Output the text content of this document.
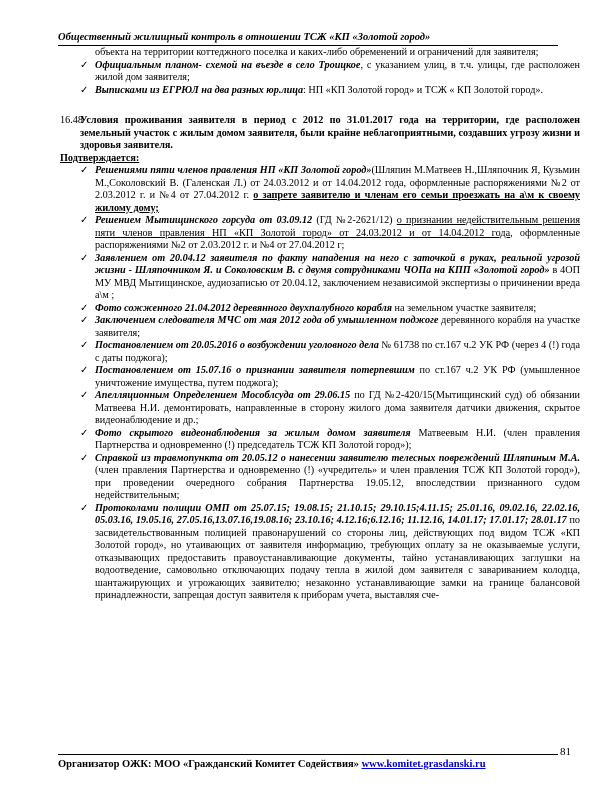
Общественный жилищный контроль в отношении ТСЖ «КП «Золотой город»

объекта на территории коттеджного поселка и каких-либо обременений и ограничений для заявителя;

✓ Официальным планом- схемой на въезде в село Троицкое, с указанием улиц, в т.ч. улицы, где расположен жилой дом заявителя;
✓ Выписками из ЕГРЮЛ на два разных юр.лица: НП «КП Золотой город» и ТСЖ « КП Золотой город».
16.48
Условия проживания заявителя в период с 2012 по 31.01.2017 года на территории, где расположен земельный участок с жилым домом заявителя, были крайне неблагоприятными, создавших угрозу жизни и здоровья заявителя.

Подтверждается:

✓ Решениями пяти членов правления НП «КП Золотой город»(Шляпин М.Матвеев Н.,Шляпочник Я, Кузьмин М.,Соколовский В. (Галенская Л.) от 24.03.2012 и от 14.04.2012 года, оформленные распоряжениями №2 от 2.03.2012 г. и №4 от 27.04.2012 г. о запрете заявителю и членам его семьи проезжать на а\м к своему жилому дому;
✓ Решением Мытищинского горсуда от 03.09.12 (ГД №2-2621/12) о признании недействительным решения пяти членов правления НП «КП Золотой город» от 24.03.2012 и от 14.04.2012 года, оформленные распоряжениями №2 от 2.03.2012 г. и №4 от 27.04.2012 г;
✓ Заявлением от 20.04.12 заявителя по факту нападения на него с заточкой в руках, реальной угрозой жизни - Шляпочником Я. и Соколовским В. с двумя сотрудниками ЧОПа на КПП «Золотой город» в 4ОП МУ МВД Мытищинское, аудиозаписью от 20.04.12, заключением независимой экспертизы о причинении вреда а\м ;
✓ Фото сожженного 21.04.2012 деревянного двухпалубного корабля на земельном участке заявителя;
✓ Заключением следователя МЧС от мая 2012 года об умышленном поджоге деревянного корабля на участке заявителя;
✓ Постановлением от 20.05.2016 о возбуждении уголовного дела № 61738 по ст.167 ч.2 УК РФ (через 4 (!) года с даты поджога);
✓ Постановлением от 15.07.16 о признании заявителя потерпевшим по ст.167 ч.2 УК РФ (умышленное уничтожение имущества, путем поджога);
✓ Апелляционным Определением Мособлсуда от 29.06.15 по ГД №2-420/15(Мытищинский суд) об обязании Матвеева Н.И. демонтировать, направленные в сторону жилого дома заявителя датчики движения, скрытое видеонаблюдение и др.;
✓ Фото скрытого видеонаблюдения за жилым домом заявителя Матвеевым Н.И. (член правления Партнерства и одновременно (!) председатель ТСЖ КП Золотой город»);
✓ Справкой из травмопункта от 20.05.12 о нанесении заявителю телесных повреждений Шляпиным М.А. (член правления Партнерства и одновременно (!) «учредитель» и член правления ТСЖ КП Золотой город»), при проведении очередного собрания Партнерства 19.05.12, впоследствии признанного судом недействительным;
✓ Протоколами полиции ОМП от 25.07.15; 19.08.15; 21.10.15; 29.10.15;4.11.15; 25.01.16, 09.02.16, 22.02.16, 05.03.16, 19.05.16, 27.05.16,13.07.16,19.08.16; 23.10.16; 4.12.16;6.12.16; 11.12.16, 14.01.17; 17.01.17; 28.01.17 по засвидетельствованным полицией правонарушений со стороны лиц, действующих под видом ТСЖ «КП Золотой город», но утаивающих от заявителя информацию, требующих оплату за не оказываемые услуги, отказывающих предоставить правоустанавливающие документы, тайно устанавливающих заглушки на водоотведение, самовольно отключающих подачу тепла в жилой дом заявителя с завариванием колодца, шантажирующих и угрожающих заявителю; незаконно устанавливающие замки на границе балансовой принадлежности, запрещая доступ заявителя к приборам учета, выставляя сче-
81
Организатор ОЖК: МОО «Гражданский Комитет Содействия» www.komitet.grasdanski.ru
